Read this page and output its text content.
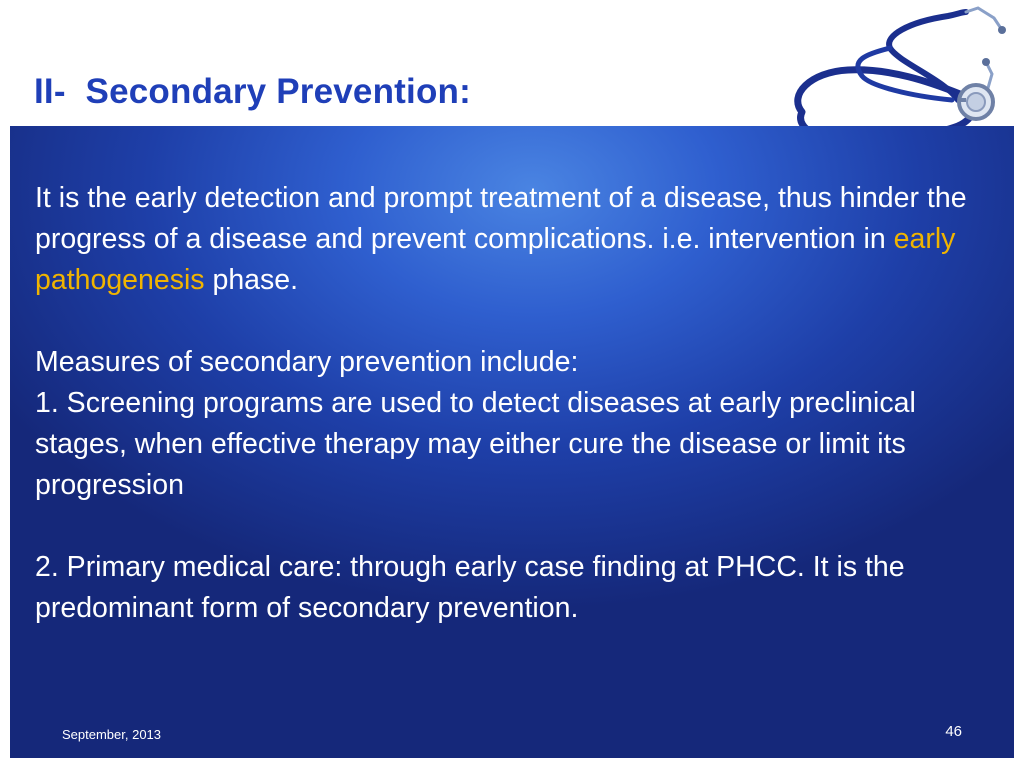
II-  Secondary Prevention:

It is the early detection and prompt treatment of a disease, thus hinder the progress of a disease and prevent complications. i.e. intervention in early pathogenesis phase.

Measures of secondary prevention include:

1. Screening programs are used to detect diseases at early preclinical stages, when effective therapy may either cure the disease or limit its progression

2. Primary medical care: through early case finding at PHCC. It is the predominant form of secondary prevention.

September, 2013	46
